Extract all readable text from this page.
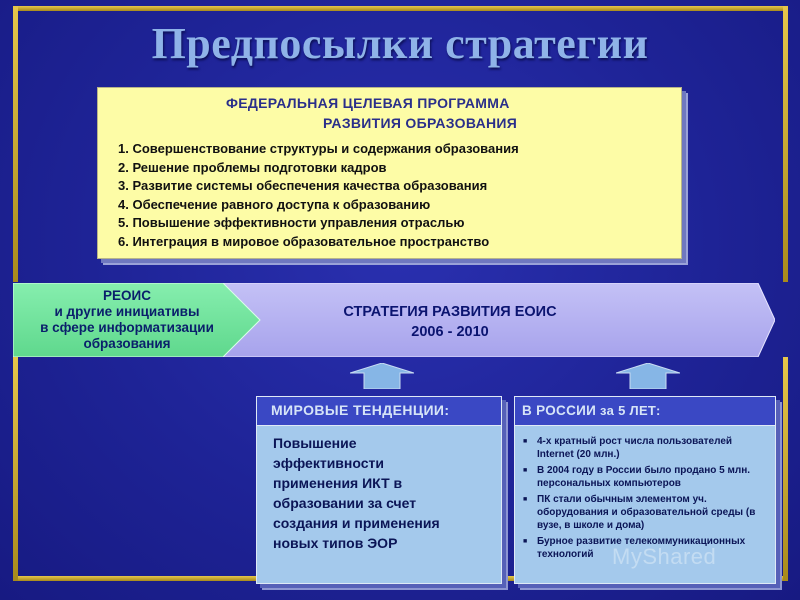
Предпосылки стратегии
ФЕДЕРАЛЬНАЯ ЦЕЛЕВАЯ ПРОГРАММА
РАЗВИТИЯ ОБРАЗОВАНИЯ
1. Совершенствование структуры и содержания образования
2. Решение проблемы подготовки кадров
3. Развитие системы обеспечения качества образования
4. Обеспечение равного доступа к образованию
5. Повышение эффективности управления отраслью
6. Интеграция в мировое образовательное пространство
РЕОИС
и другие инициативы
в сфере информатизации
образования
СТРАТЕГИЯ РАЗВИТИЯ ЕОИС
2006 - 2010
МИРОВЫЕ ТЕНДЕНЦИИ:
Повышение
эффективности
применения ИКТ в
образовании за счет
создания и применения
новых типов ЭОР
В РОССИИ за 5 ЛЕТ:
■ 4-х кратный рост числа пользователей Internet (20 млн.)
■ В 2004 году в России было продано 5 млн. персональных компьютеров
■ ПК стали обычным элементом уч. оборудования и образовательной среды (в вузе, в школе и дома)
■ Бурное развитие телекоммуникационных технологий MyShared
